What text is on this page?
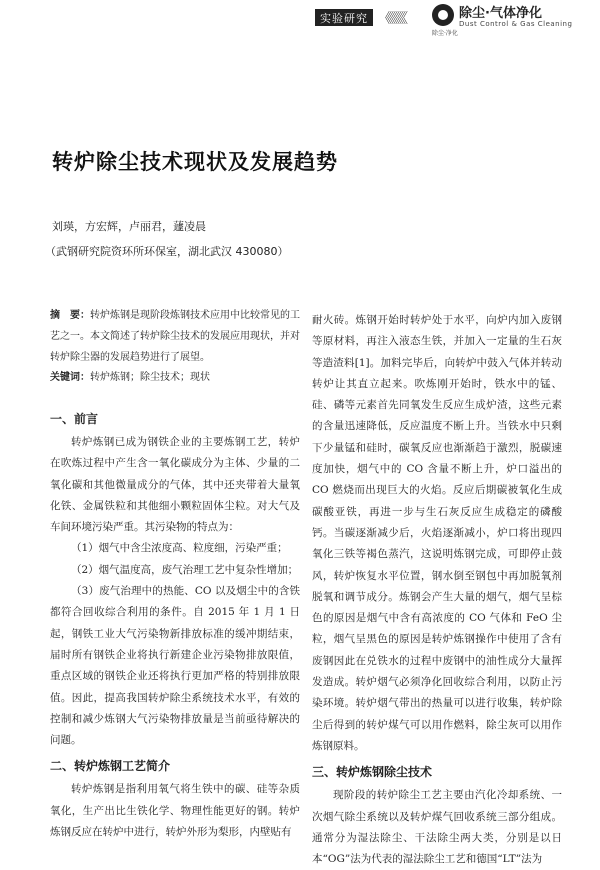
实验研究 《《《《《	除尘·气体净化
Dust Control & Gas Cleaning
除尘·净化
转炉除尘技术现状及发展趋势
刘瑛，方宏辉，卢丽君，蘧凌晨
（武钢研究院资环所环保室，湖北武汉 430080）
摘　要：转炉炼钢是现阶段炼钢技术应用中比较常见的工艺之一。本文简述了转炉除尘技术的发展应用现状，并对转炉除尘器的发展趋势进行了展望。
关键词：转炉炼钢；除尘技术；现状
一、前言

转炉炼钢已成为钢铁企业的主要炼钢工艺，转炉在吹炼过程中产生含一氧化碳成分为主体、少量的二氧化碳和其他微量成分的气体，其中还夹带着大量氧化铁、金属铁粒和其他细小颗粒固体尘粒。对大气及车间环境污染严重。其污染物的特点为：

（1）烟气中含尘浓度高、粒度细，污染严重；

（2）烟气温度高，废气治理工艺中复杂性增加；

（3）废气治理中的热能、CO 以及烟尘中的含铁都符合回收综合利用的条件。自 2015 年 1 月 1 日起，钢铁工业大气污染物新排放标准的缓冲期结束，届时所有钢铁企业将执行新建企业污染物排放限值，重点区域的钢铁企业还将执行更加严格的特别排放限值。因此，提高我国转炉除尘系统技术水平，有效的控制和减少炼钢大气污染物排放量是当前亟待解决的问题。

二、转炉炼钢工艺简介

转炉炼钢是指利用氧气将生铁中的碳、硅等杂质氧化，生产出比生铁化学、物理性能更好的钢。转炉炼钢反应在转炉中进行，转炉外形为梨形，内壁贴有

耐火砖。炼钢开始时转炉处于水平，向炉内加入废钢等原材料，再注入液态生铁，并加入一定量的生石灰等造渣料[1]。加料完毕后，向转炉中鼓入气体并转动转炉让其直立起来。吹炼刚开始时，铁水中的锰、硅、磷等元素首先同氧发生反应生成炉渣，这些元素的含量迅速降低，反应温度不断上升。当铁水中只剩下少量锰和硅时，碳氧反应也渐渐趋于激烈，脱碳速度加快，烟气中的 CO 含量不断上升，炉口溢出的 CO 燃烧而出现巨大的火焰。反应后期碳被氧化生成碳酸亚铁，再进一步与生石灰反应生成稳定的磷酸钙。当碳逐渐减少后，火焰逐渐减小，炉口将出现四氧化三铁等褐色蒸汽，这说明炼钢完成，可即停止鼓风，转炉恢复水平位置，钢水倒至钢包中再加脱氧剂脱氧和调节成分。炼钢会产生大量的烟气，烟气呈棕色的原因是烟气中含有高浓度的 CO 气体和 FeO 尘粒，烟气呈黑色的原因是转炉炼钢操作中使用了含有废钢因此在兑铁水的过程中废钢中的油性成分大量挥发造成。转炉烟气必须净化回收综合利用，以防止污染环境。转炉烟气带出的热量可以进行收集，转炉除尘后得到的转炉煤气可以用作燃料，除尘灰可以用作炼钢原料。

三、转炉炼钢除尘技术

现阶段的转炉除尘工艺主要由汽化冷却系统、一次烟气除尘系统以及转炉煤气回收系统三部分组成。通常分为湿法除尘、干法除尘两大类，分别是以日本“OG”法为代表的湿法除尘工艺和德国“LT”法为
